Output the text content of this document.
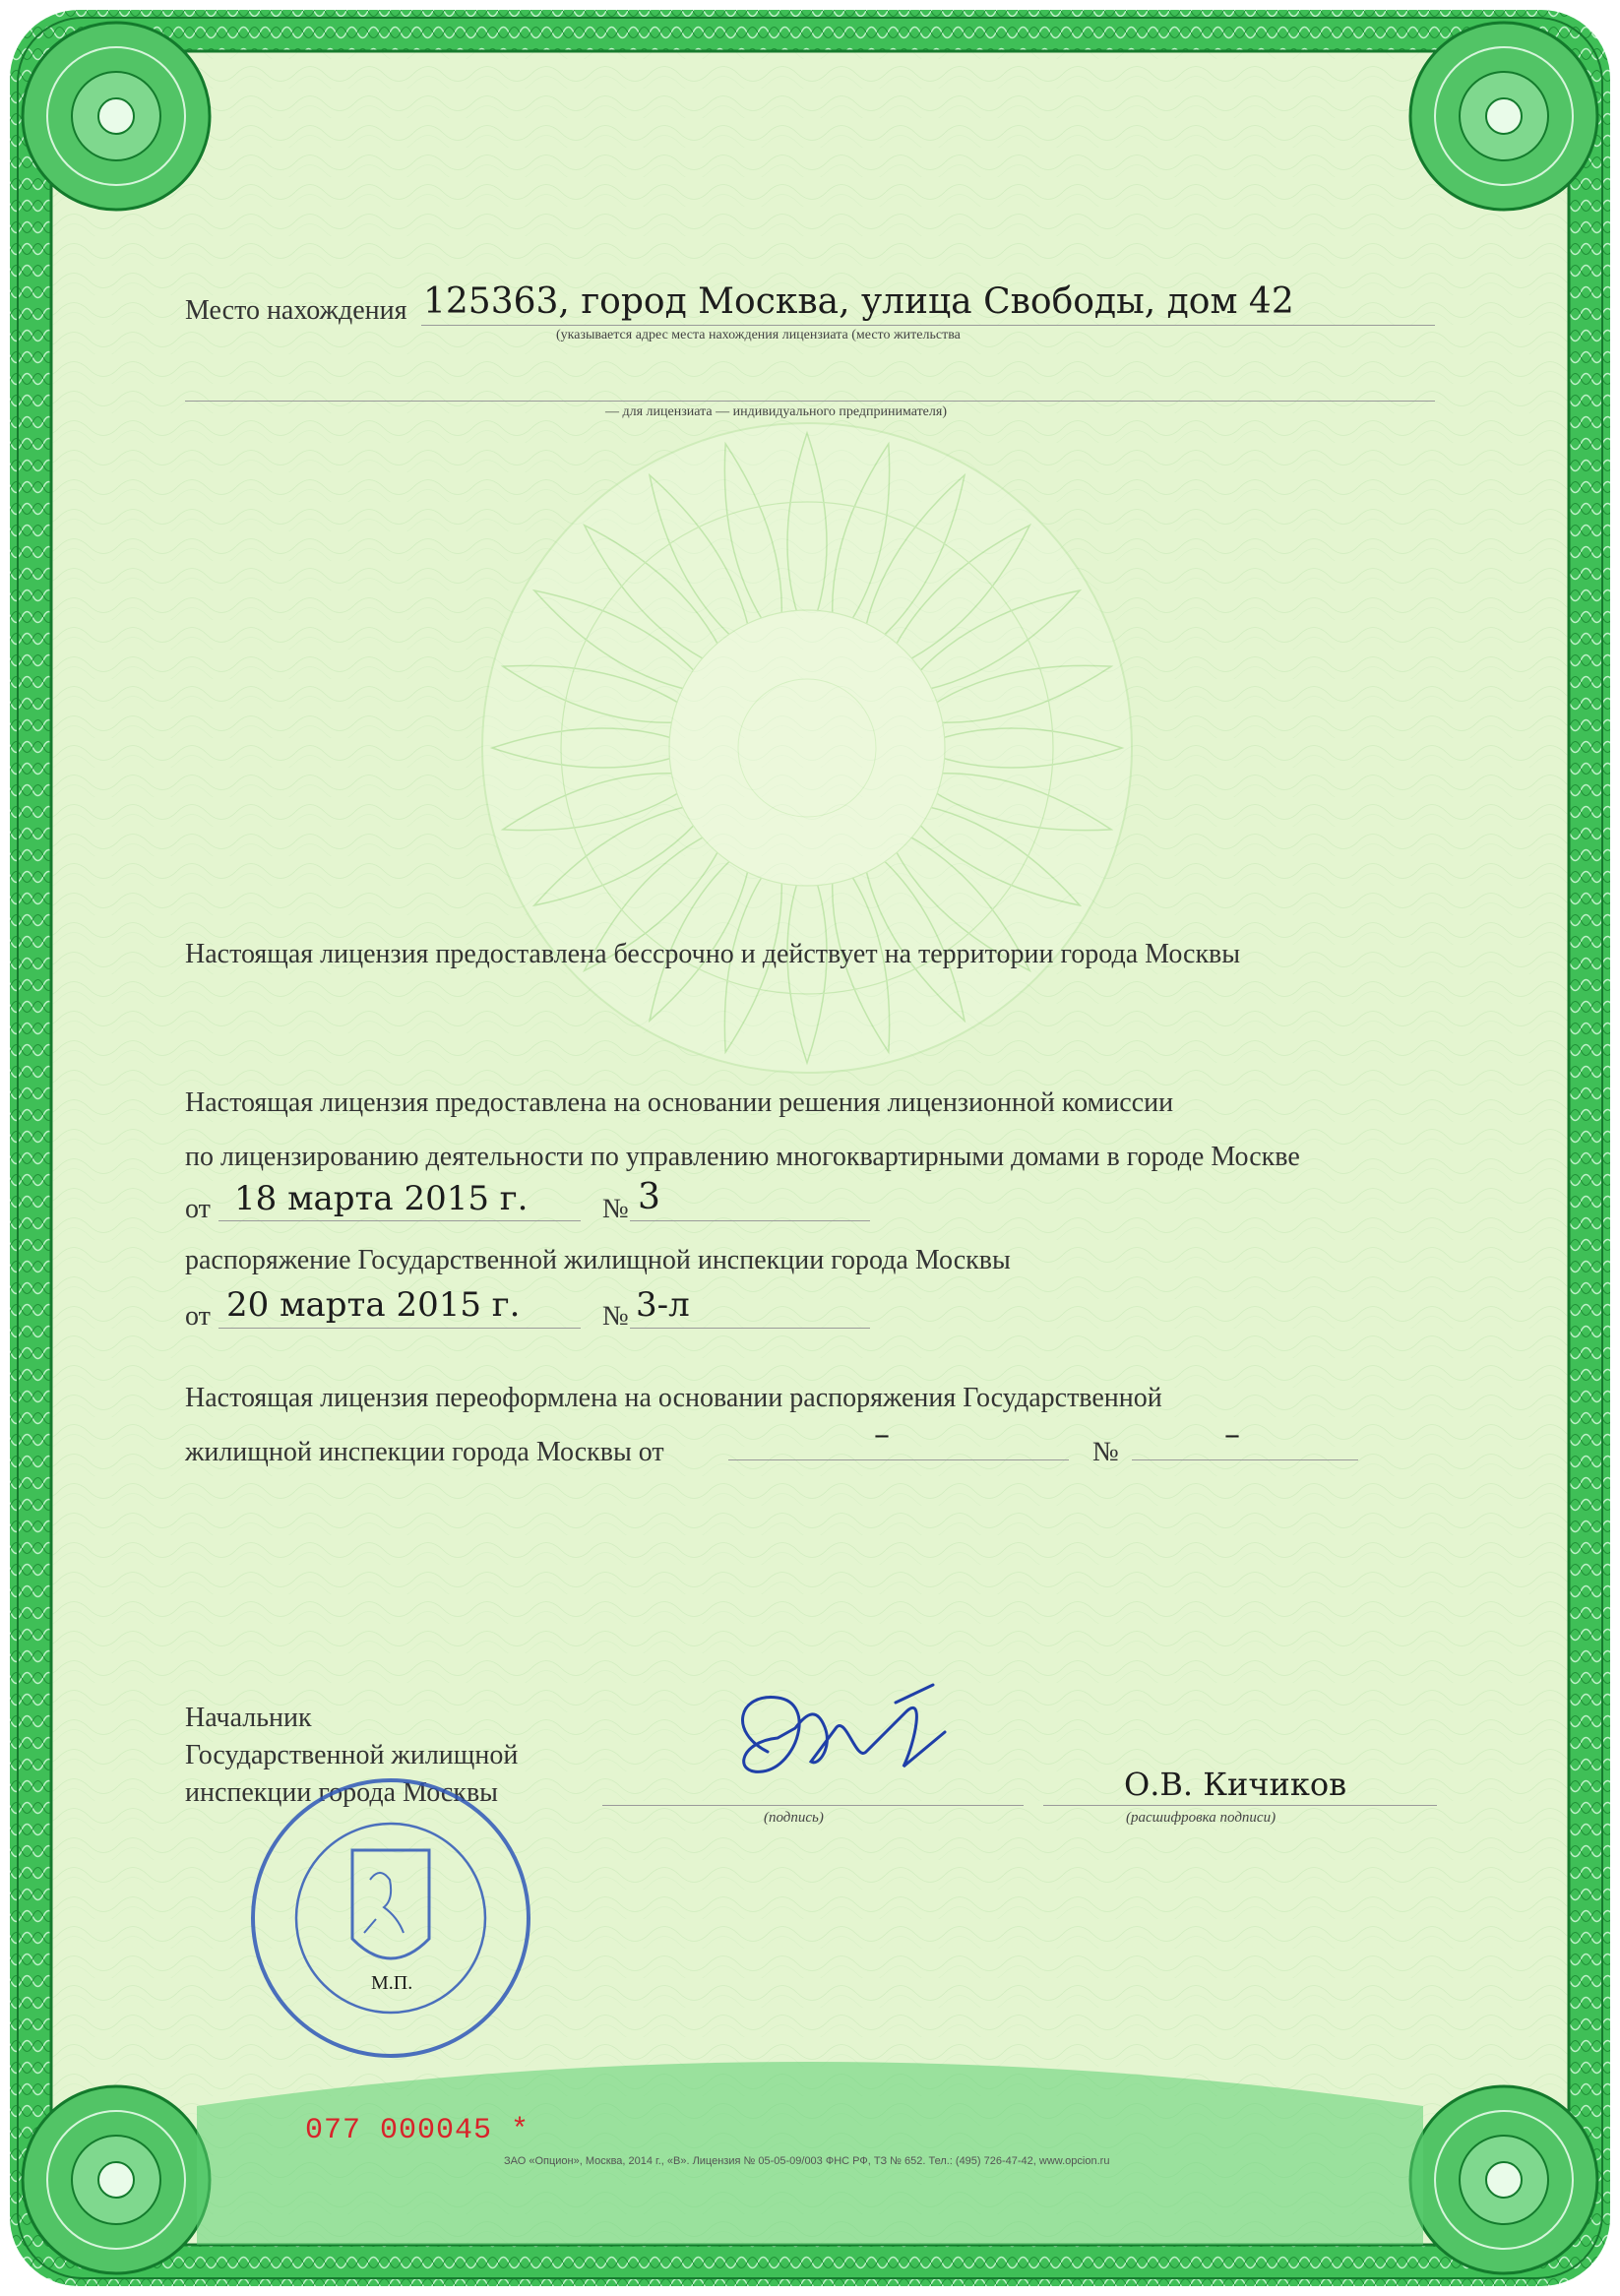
Место нахождения 125363, город Москва, улица Свободы, дом 42
(указывается адрес места нахождения лицензиата (место жительства
— для лицензиата — индивидуального предпринимателя)
Настоящая лицензия предоставлена бессрочно и действует на территории города Москвы
Настоящая лицензия предоставлена на основании решения лицензионной комиссии
по лицензированию деятельности по управлению многоквартирными домами в городе Москве
от 18 марта 2015 г.	№ 3
распоряжение Государственной жилищной инспекции города Москвы
от 20 марта 2015 г.	№ 3-л
Настоящая лицензия переоформлена на основании распоряжения Государственной
жилищной инспекции города Москвы от	–	№	–
Начальник
Государственной жилищной
инспекции города Москвы
(подпись)
О.В. Кичиков
(расшифровка подписи)
М.П.
077 000045 *
ЗАО «Опцион», Москва, 2014 г., «В». Лицензия № 05-05-09/003 ФНС РФ, ТЗ № 652. Тел.: (495) 726-47-42, www.opcion.ru
